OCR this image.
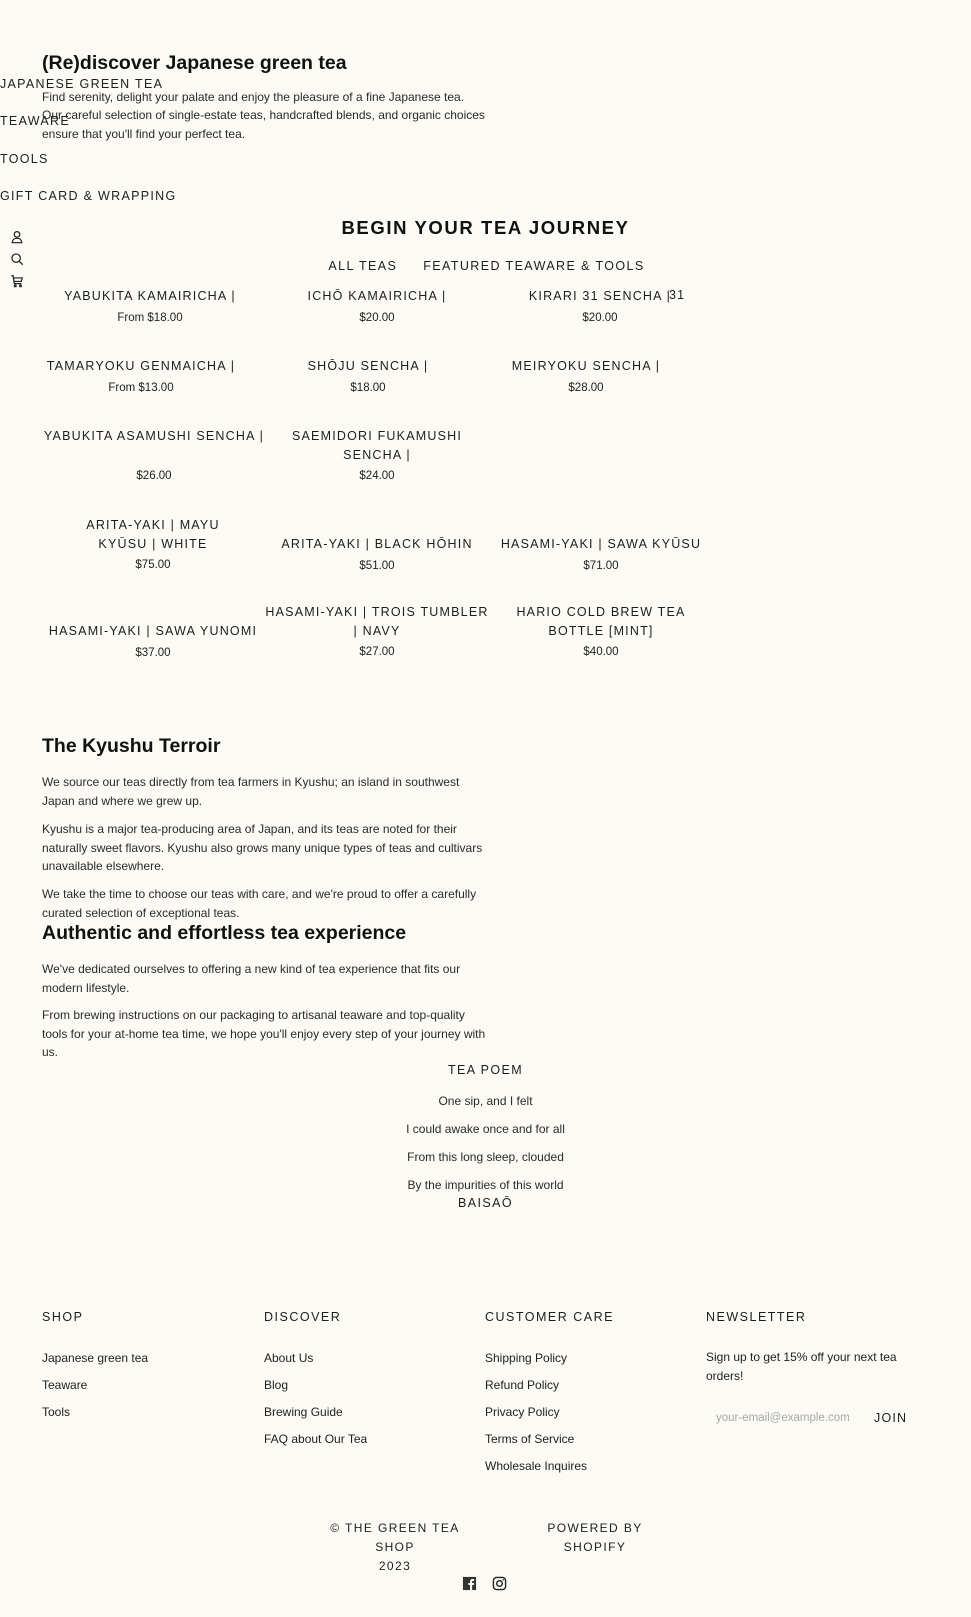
(Re)discover Japanese green tea

Find serenity, delight your palate and enjoy the pleasure of a fine Japanese tea.

Our careful selection of single-estate teas, handcrafted blends, and organic choices ensure that you'll find your perfect tea.

JAPANESE GREEN TEA
TEAWARE
TOOLS
GIFT CARD & WRAPPING
BEGIN YOUR TEA JOURNEY
ALL TEAS FEATURED TEAWARE & TOOLS
YABUKITA KAMAIRICHA |
From $18.00
ICHŌ KAMAIRICHA |
$20.00
KIRARI 31 SENCHA |
$20.00
31
TAMARYOKU GENMAICHA |
From $13.00
SHŌJU SENCHA |
$18.00
MEIRYOKU SENCHA |
$28.00
YABUKITA ASAMUSHI SENCHA |
$26.00
SAEMIDORI FUKAMUSHI SENCHA |
$24.00
ARITA-YAKI | MAYU KYŪSU | WHITE
$75.00
ARITA-YAKI | BLACK HŌHIN
$51.00
HASAMI-YAKI | SAWA KYŪSU
$71.00
HASAMI-YAKI | SAWA YUNOMI
$37.00
HASAMI-YAKI | TROIS TUMBLER | NAVY
$27.00
HARIO COLD BREW TEA BOTTLE [MINT]
$40.00
The Kyushu Terroir

We source our teas directly from tea farmers in Kyushu; an island in southwest Japan and where we grew up.

Kyushu is a major tea-producing area of Japan, and its teas are noted for their naturally sweet flavors. Kyushu also grows many unique types of teas and cultivars unavailable elsewhere.

We take the time to choose our teas with care, and we're proud to offer a carefully curated selection of exceptional teas.

Authentic and effortless tea experience

We've dedicated ourselves to offering a new kind of tea experience that fits our modern lifestyle.

From brewing instructions on our packaging to artisanal teaware and top-quality tools for your at-home tea time, we hope you'll enjoy every step of your journey with us.

TEA POEM
One sip, and I felt
I could awake once and for all
From this long sleep, clouded
By the impurities of this world
BAISAŌ
SHOP
Japanese green tea
Teaware
Tools
DISCOVER
About Us
Blog
Brewing Guide
FAQ about Our Tea
CUSTOMER CARE
Shipping Policy
Refund Policy
Privacy Policy
Terms of Service
Wholesale Inquires
NEWSLETTER

Sign up to get 15% off your next tea orders!

your-email@example.com
JOIN
© THE GREEN TEA SHOP
2023
POWERED BY
SHOPIFY
